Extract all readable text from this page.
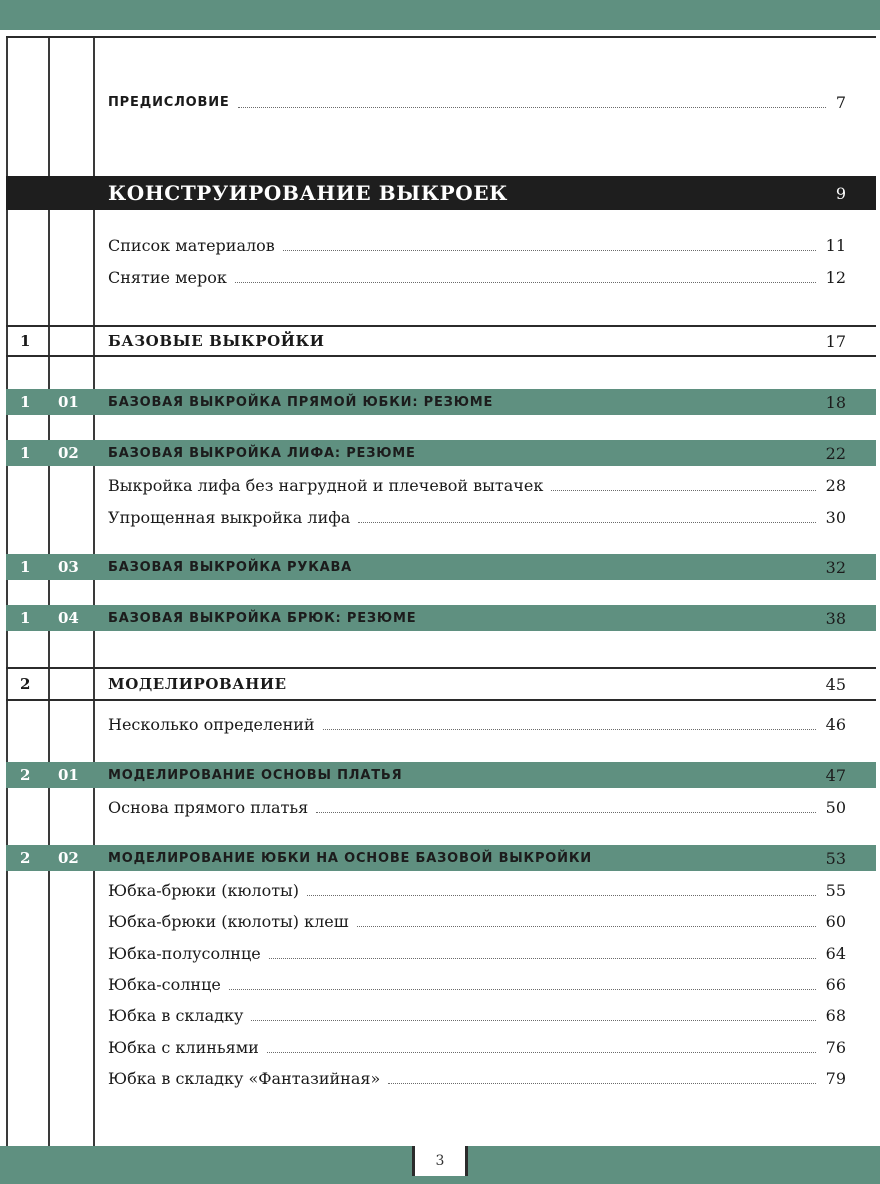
ПРЕДИСЛОВИЕ	7
КОНСТРУИРОВАНИЕ ВЫКРОЕК	9
Список материалов	11
Снятие мерок	12
1	БАЗОВЫЕ ВЫКРОЙКИ	17
1 01 БАЗОВАЯ ВЫКРОЙКА ПРЯМОЙ ЮБКИ: РЕЗЮМЕ	18
1 02 БАЗОВАЯ ВЫКРОЙКА ЛИФА: РЕЗЮМЕ	22
Выкройка лифа без нагрудной и плечевой вытачек	28
Упрощенная выкройка лифа	30
1 03 БАЗОВАЯ ВЫКРОЙКА РУКАВА	32
1 04 БАЗОВАЯ ВЫКРОЙКА БРЮК: РЕЗЮМЕ	38
2	МОДЕЛИРОВАНИЕ	45
Несколько определений	46
2 01 МОДЕЛИРОВАНИЕ ОСНОВЫ ПЛАТЬЯ	47
Основа прямого платья	50
2 02 МОДЕЛИРОВАНИЕ ЮБКИ НА ОСНОВЕ БАЗОВОЙ ВЫКРОЙКИ	53
Юбка-брюки (кюлоты)	55
Юбка-брюки (кюлоты) клеш	60
Юбка-полусолнце	64
Юбка-солнце	66
Юбка в складку	68
Юбка с клиньями	76
Юбка в складку «Фантазийная»	79
3
